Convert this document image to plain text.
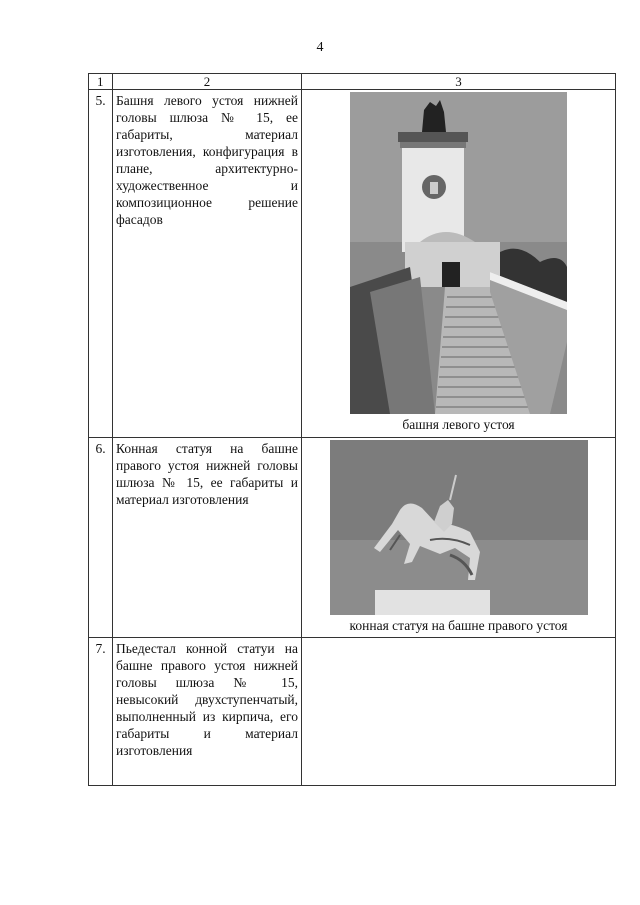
4
1	2	3
5.	Башня левого устоя нижней головы шлюза № 15, ее габариты, материал изготовления, конфигурация в плане, архитектурно-художественное и композиционное решение фасадов	башня левого устоя

6.	Конная статуя на башне правого устоя нижней головы шлюза № 15, ее габариты и материал изготовления	конная статуя на башне правого устоя

7.	Пьедестал конной статуи на башне правого устоя нижней головы шлюза № 15, невысокий двухступенчатый, выполненный из кирпича, его габариты и материал изготовления	
